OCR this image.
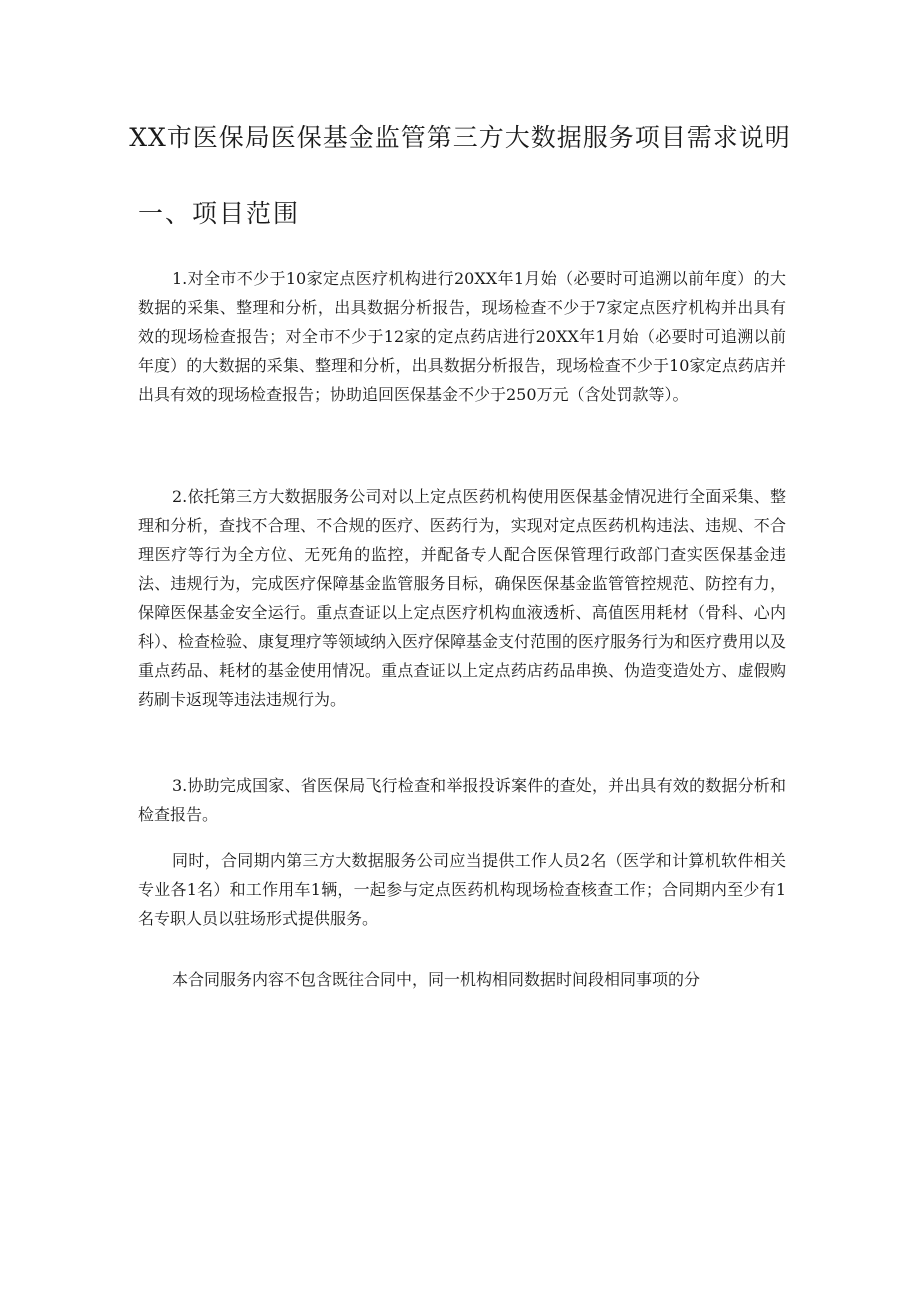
XX市医保局医保基金监管第三方大数据服务项目需求说明
一、项目范围

1.对全市不少于10家定点医疗机构进行20XX年1月始（必要时可追溯以前年度）的大数据的采集、整理和分析，出具数据分析报告，现场检查不少于7家定点医疗机构并出具有效的现场检查报告；对全市不少于12家的定点药店进行20XX年1月始（必要时可追溯以前年度）的大数据的采集、整理和分析，出具数据分析报告，现场检查不少于10家定点药店并出具有效的现场检查报告；协助追回医保基金不少于250万元（含处罚款等）。

2.依托第三方大数据服务公司对以上定点医药机构使用医保基金情况进行全面采集、整理和分析，查找不合理、不合规的医疗、医药行为，实现对定点医药机构违法、违规、不合理医疗等行为全方位、无死角的监控，并配备专人配合医保管理行政部门查实医保基金违法、违规行为，完成医疗保障基金监管服务目标，确保医保基金监管管控规范、防控有力，保障医保基金安全运行。重点查证以上定点医疗机构血液透析、高值医用耗材（骨科、心内科）、检查检验、康复理疗等领域纳入医疗保障基金支付范围的医疗服务行为和医疗费用以及重点药品、耗材的基金使用情况。重点查证以上定点药店药品串换、伪造变造处方、虚假购药刷卡返现等违法违规行为。

3.协助完成国家、省医保局飞行检查和举报投诉案件的查处，并出具有效的数据分析和检查报告。

同时，合同期内第三方大数据服务公司应当提供工作人员2名（医学和计算机软件相关专业各1名）和工作用车1辆，一起参与定点医药机构现场检查核查工作；合同期内至少有1名专职人员以驻场形式提供服务。

本合同服务内容不包含既往合同中，同一机构相同数据时间段相同事项的分
